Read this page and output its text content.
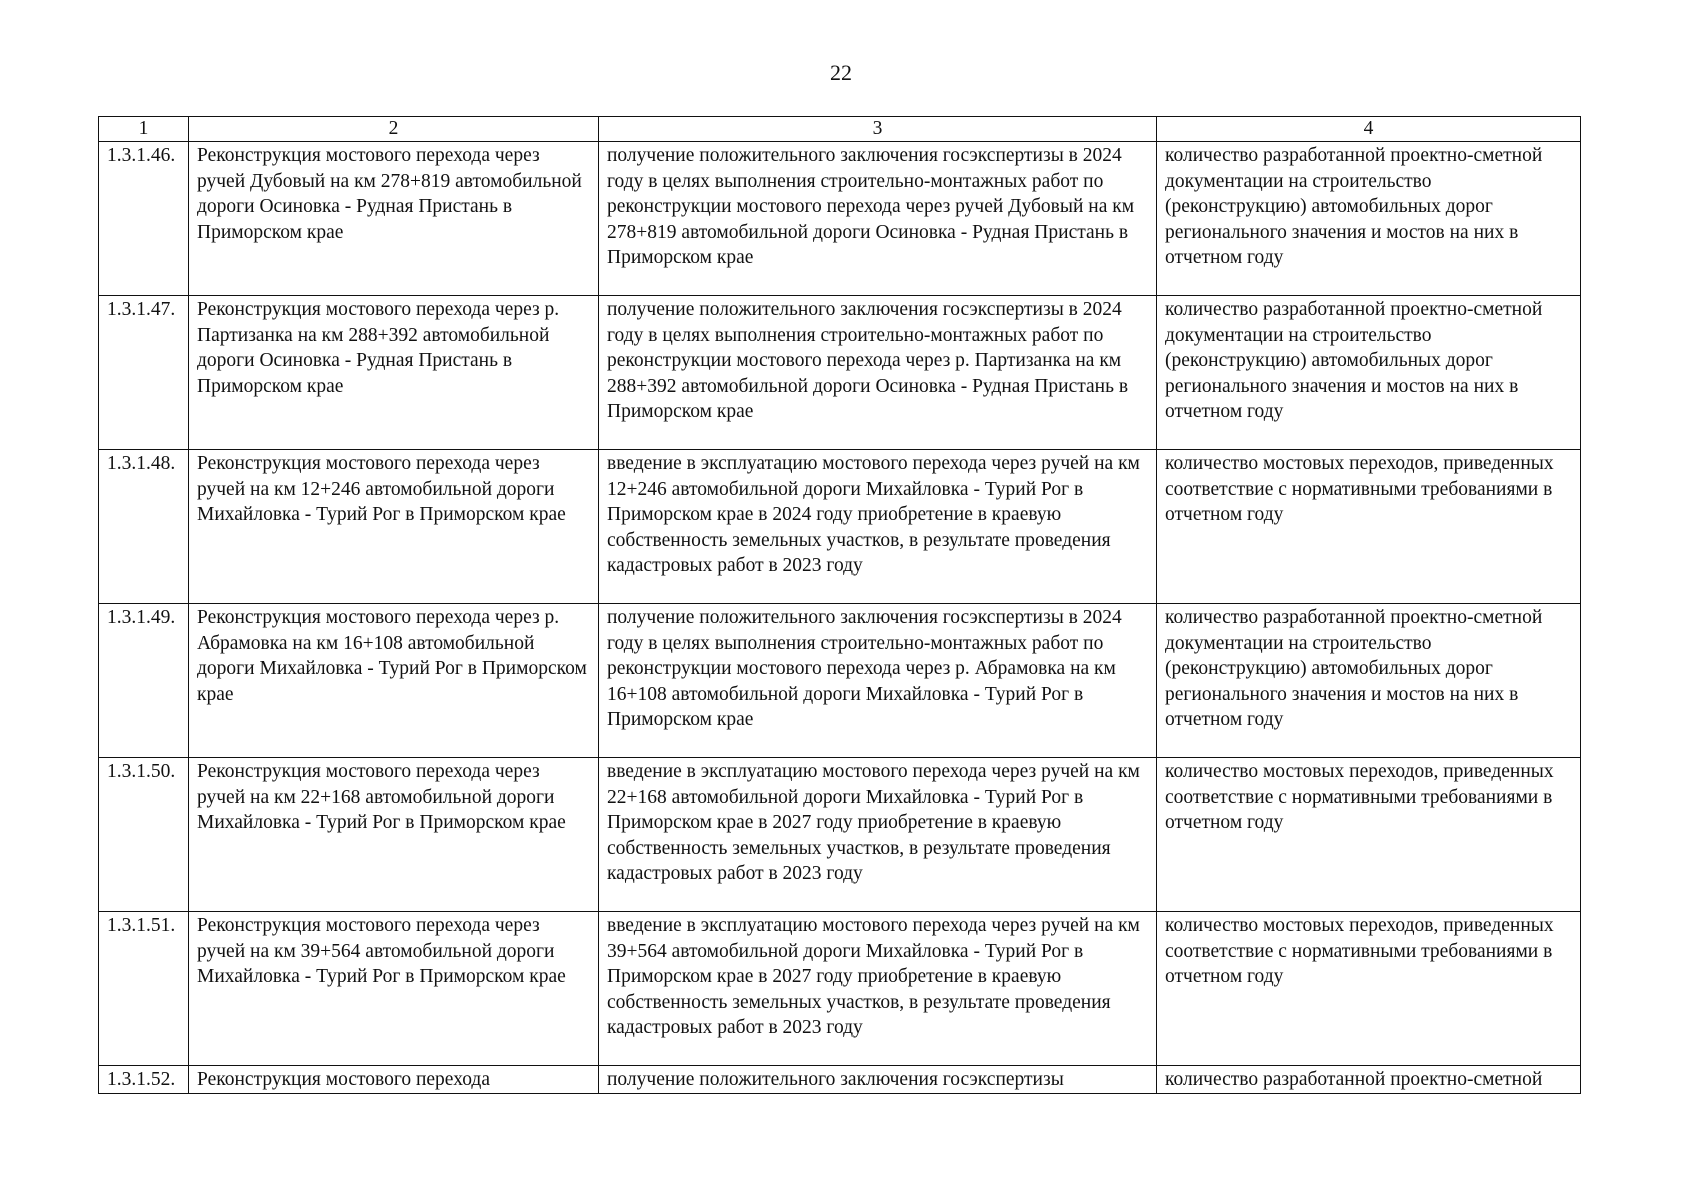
22
1	2	3	4
1.3.1.46.	Реконструкция мостового перехода через ручей Дубовый на км 278+819 автомобильной дороги Осиновка - Рудная Пристань в Приморском крае	получение положительного заключения госэкспертизы в 2024 году в целях выполнения строительно-монтажных работ по реконструкции мостового перехода через ручей Дубовый на км 278+819 автомобильной дороги Осиновка - Рудная Пристань в Приморском крае	количество разработанной проектно-сметной документации на строительство (реконструкцию) автомобильных дорог регионального значения и мостов на них в отчетном году
1.3.1.47.	Реконструкция мостового перехода через р. Партизанка на км 288+392 автомобильной дороги Осиновка - Рудная Пристань в Приморском крае	получение положительного заключения госэкспертизы в 2024 году в целях выполнения строительно-монтажных работ по реконструкции мостового перехода через р. Партизанка на км 288+392 автомобильной дороги Осиновка - Рудная Пристань в Приморском крае	количество разработанной проектно-сметной документации на строительство (реконструкцию) автомобильных дорог регионального значения и мостов на них в отчетном году
1.3.1.48.	Реконструкция мостового перехода через ручей на км 12+246 автомобильной дороги Михайловка - Турий Рог в Приморском крае	введение в эксплуатацию мостового перехода через ручей на км 12+246 автомобильной дороги Михайловка - Турий Рог в Приморском крае в 2024 году приобретение в краевую собственность земельных участков, в результате проведения кадастровых работ в 2023 году	количество мостовых переходов, приведенных соответствие с нормативными требованиями в отчетном году
1.3.1.49.	Реконструкция мостового перехода через р. Абрамовка на км 16+108 автомобильной дороги Михайловка - Турий Рог в Приморском крае	получение положительного заключения госэкспертизы в 2024 году в целях выполнения строительно-монтажных работ по реконструкции мостового перехода через р. Абрамовка на км 16+108 автомобильной дороги Михайловка - Турий Рог в Приморском крае	количество разработанной проектно-сметной документации на строительство (реконструкцию) автомобильных дорог регионального значения и мостов на них в отчетном году
1.3.1.50.	Реконструкция мостового перехода через ручей на км 22+168 автомобильной дороги Михайловка - Турий Рог в Приморском крае	введение в эксплуатацию мостового перехода через ручей на км 22+168 автомобильной дороги Михайловка - Турий Рог в Приморском крае в 2027 году приобретение в краевую собственность земельных участков, в результате проведения кадастровых работ в 2023 году	количество мостовых переходов, приведенных соответствие с нормативными требованиями в отчетном году
1.3.1.51.	Реконструкция мостового перехода через ручей на км 39+564 автомобильной дороги Михайловка - Турий Рог в Приморском крае	введение в эксплуатацию мостового перехода через ручей на км 39+564 автомобильной дороги Михайловка - Турий Рог в Приморском крае в 2027 году приобретение в краевую собственность земельных участков, в результате проведения кадастровых работ в 2023 году	количество мостовых переходов, приведенных соответствие с нормативными требованиями в отчетном году
1.3.1.52.	Реконструкция мостового перехода	получение положительного заключения госэкспертизы	количество разработанной проектно-сметной
